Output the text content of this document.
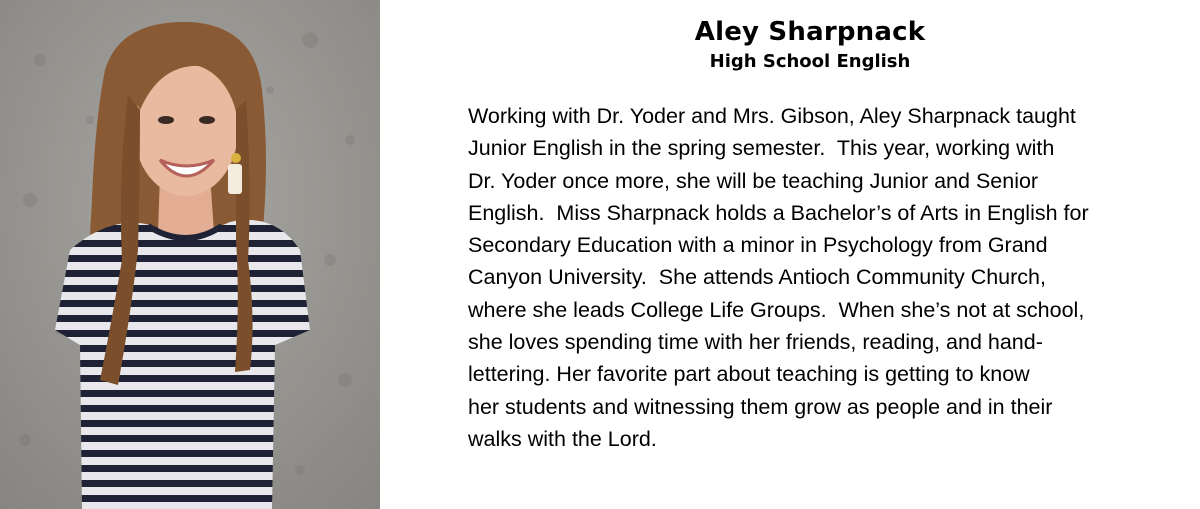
Aley Sharpnack
High School English
Working with Dr. Yoder and Mrs. Gibson, Aley Sharpnack taught
Junior English in the spring semester.  This year, working with
Dr. Yoder once more, she will be teaching Junior and Senior
English.  Miss Sharpnack holds a Bachelor’s of Arts in English for
Secondary Education with a minor in Psychology from Grand
Canyon University.  She attends Antioch Community Church,
where she leads College Life Groups.  When she’s not at school,
she loves spending time with her friends, reading, and hand-
lettering. Her favorite part about teaching is getting to know
her students and witnessing them grow as people and in their
walks with the Lord.
